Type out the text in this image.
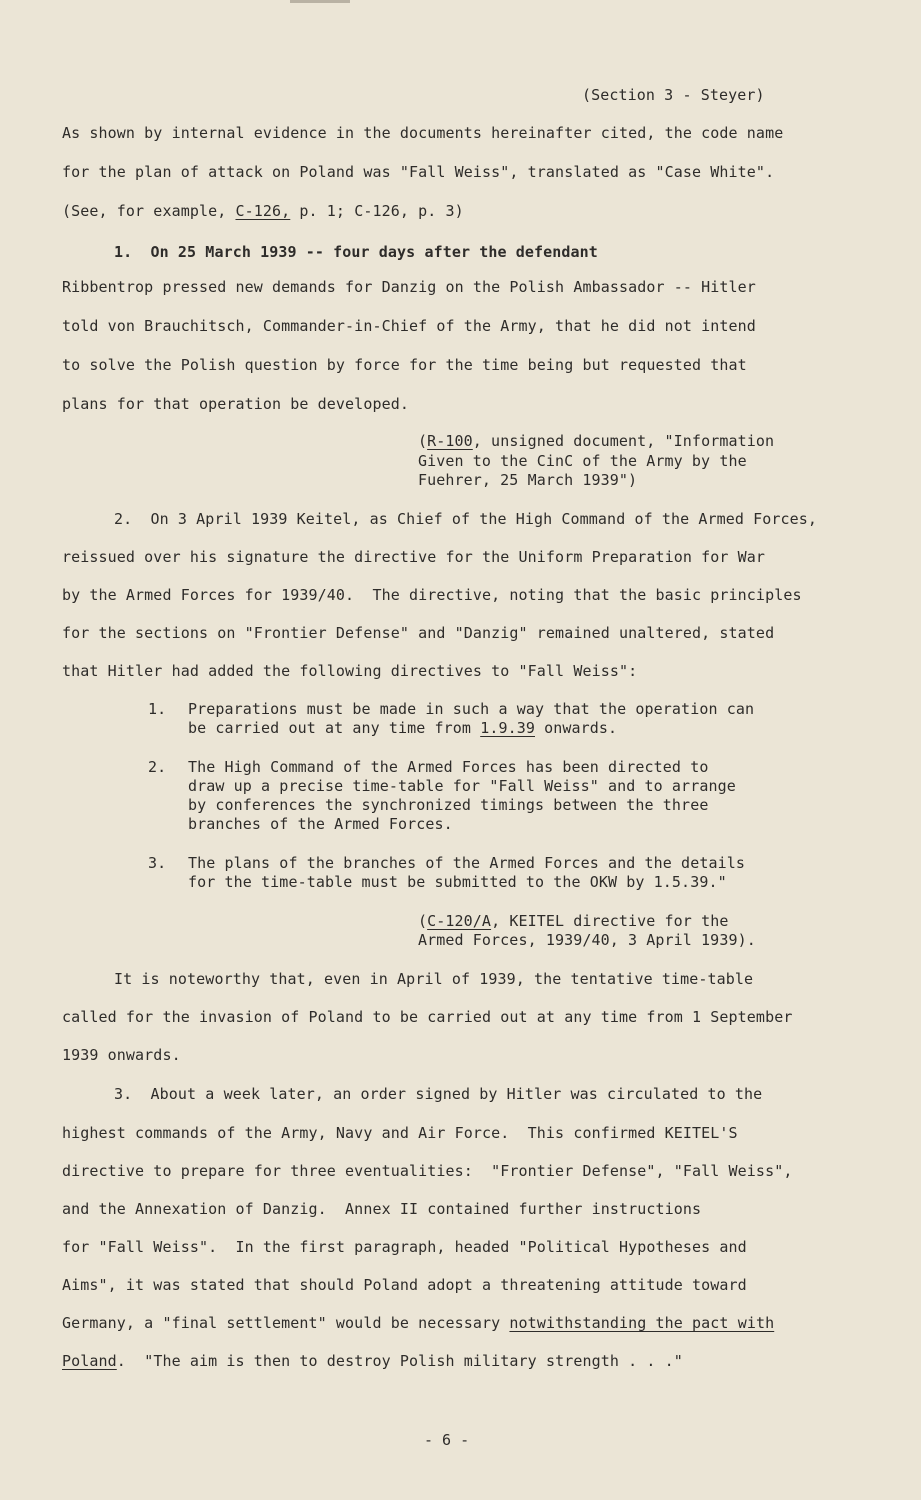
(Section 3 - Steyer)
As shown by internal evidence in the documents hereinafter cited, the code name
for the plan of attack on Poland was "Fall Weiss", translated as "Case White".
(See, for example, C-126, p. 1; C-126, p. 3)
1.  On 25 March 1939 -- four days after the defendant
Ribbentrop pressed new demands for Danzig on the Polish Ambassador -- Hitler
told von Brauchitsch, Commander-in-Chief of the Army, that he did not intend
to solve the Polish question by force for the time being but requested that
plans for that operation be developed.
(R-100, unsigned document, "Information
Given to the CinC of the Army by the
Fuehrer, 25 March 1939")
2.  On 3 April 1939 Keitel, as Chief of the High Command of the Armed Forces,
reissued over his signature the directive for the Uniform Preparation for War
by the Armed Forces for 1939/40.  The directive, noting that the basic principles
for the sections on "Frontier Defense" and "Danzig" remained unaltered, stated
that Hitler had added the following directives to "Fall Weiss":
1. Preparations must be made in such a way that the operation can
be carried out at any time from 1.9.39 onwards.
2. The High Command of the Armed Forces has been directed to
draw up a precise time-table for "Fall Weiss" and to arrange
by conferences the synchronized timings between the three
branches of the Armed Forces.
3. The plans of the branches of the Armed Forces and the details
for the time-table must be submitted to the OKW by 1.5.39."
(C-120/A, KEITEL directive for the
Armed Forces, 1939/40, 3 April 1939).
It is noteworthy that, even in April of 1939, the tentative time-table
called for the invasion of Poland to be carried out at any time from 1 September
1939 onwards.
3.  About a week later, an order signed by Hitler was circulated to the
highest commands of the Army, Navy and Air Force.  This confirmed KEITEL'S
directive to prepare for three eventualities:  "Frontier Defense", "Fall Weiss",
and the Annexation of Danzig.  Annex II contained further instructions
for "Fall Weiss".  In the first paragraph, headed "Political Hypotheses and
Aims", it was stated that should Poland adopt a threatening attitude toward
Germany, a "final settlement" would be necessary notwithstanding the pact with
Poland.  "The aim is then to destroy Polish military strength . . ."
- 6 -
